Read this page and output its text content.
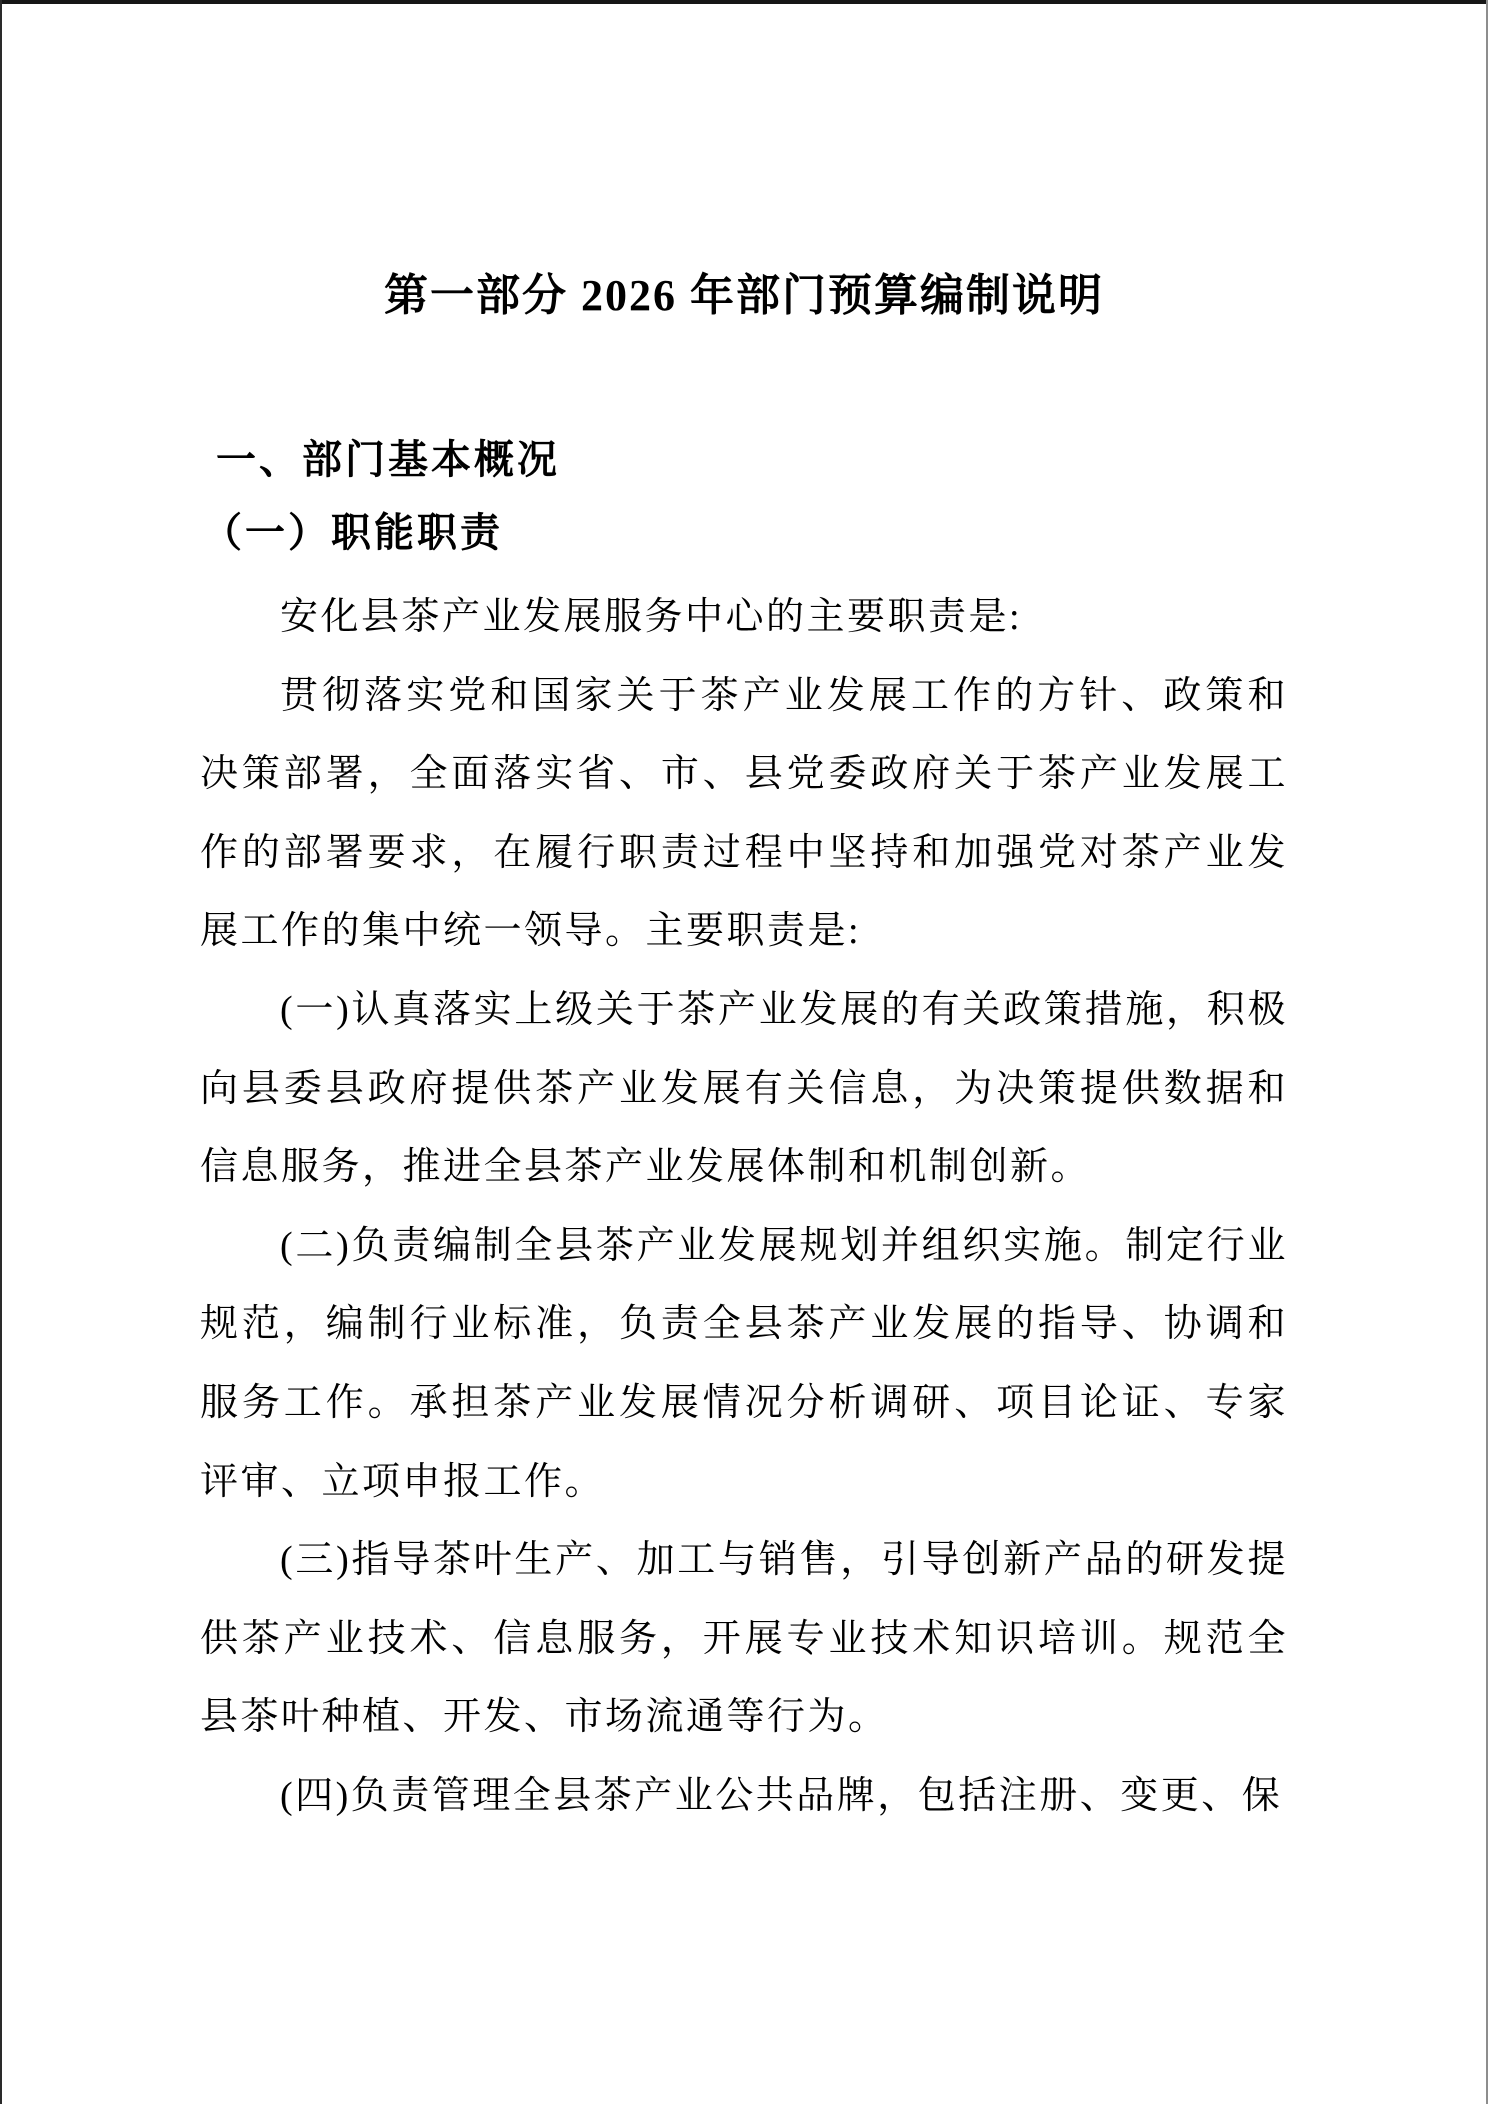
第一部分 2026 年部门预算编制说明
一、部门基本概况
（一）职能职责

安化县茶产业发展服务中心的主要职责是:

贯彻落实党和国家关于茶产业发展工作的方针、政策和决策部署，全面落实省、市、县党委政府关于茶产业发展工作的部署要求，在履行职责过程中坚持和加强党对茶产业发展工作的集中统一领导。主要职责是:

(一)认真落实上级关于茶产业发展的有关政策措施，积极向县委县政府提供茶产业发展有关信息，为决策提供数据和信息服务，推进全县茶产业发展体制和机制创新。

(二)负责编制全县茶产业发展规划并组织实施。制定行业规范，编制行业标准，负责全县茶产业发展的指导、协调和服务工作。承担茶产业发展情况分析调研、项目论证、专家评审、立项申报工作。

(三)指导茶叶生产、加工与销售，引导创新产品的研发提供茶产业技术、信息服务，开展专业技术知识培训。规范全县茶叶种植、开发、市场流通等行为。

(四)负责管理全县茶产业公共品牌，包括注册、变更、保
